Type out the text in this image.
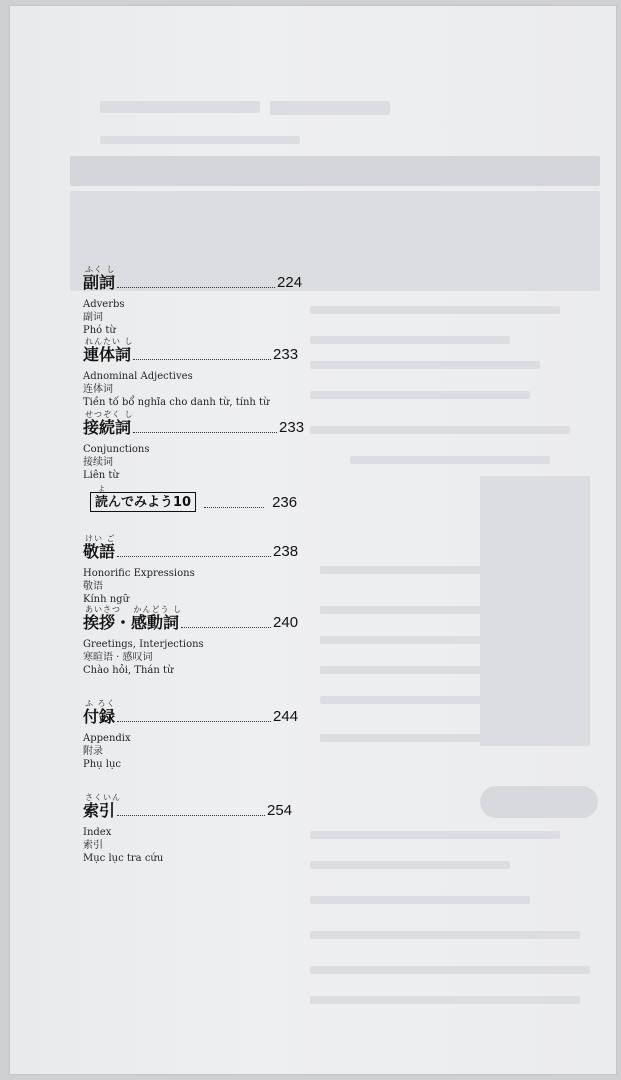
ふく し
副詞	224
Adverbs
副词
Phó từ
れんたい し
連体詞	233
Adnominal Adjectives
连体词
Tiền tố bổ nghĩa cho danh từ, tính từ
せつぞく し
接続詞	233
Conjunctions
接续词
Liên từ
よ
読んでみよう10	236
けい ご
敬語	238
Honorific Expressions
敬语
Kính ngữ
あいさつ　 かんどう し
挨拶・感動詞	240
Greetings, Interjections
寒暄语 · 感叹词
Chào hỏi, Thán từ
ふ ろく
付録	244
Appendix
附录
Phụ lục
さくいん
索引	254
Index
索引
Mục lục tra cứu
